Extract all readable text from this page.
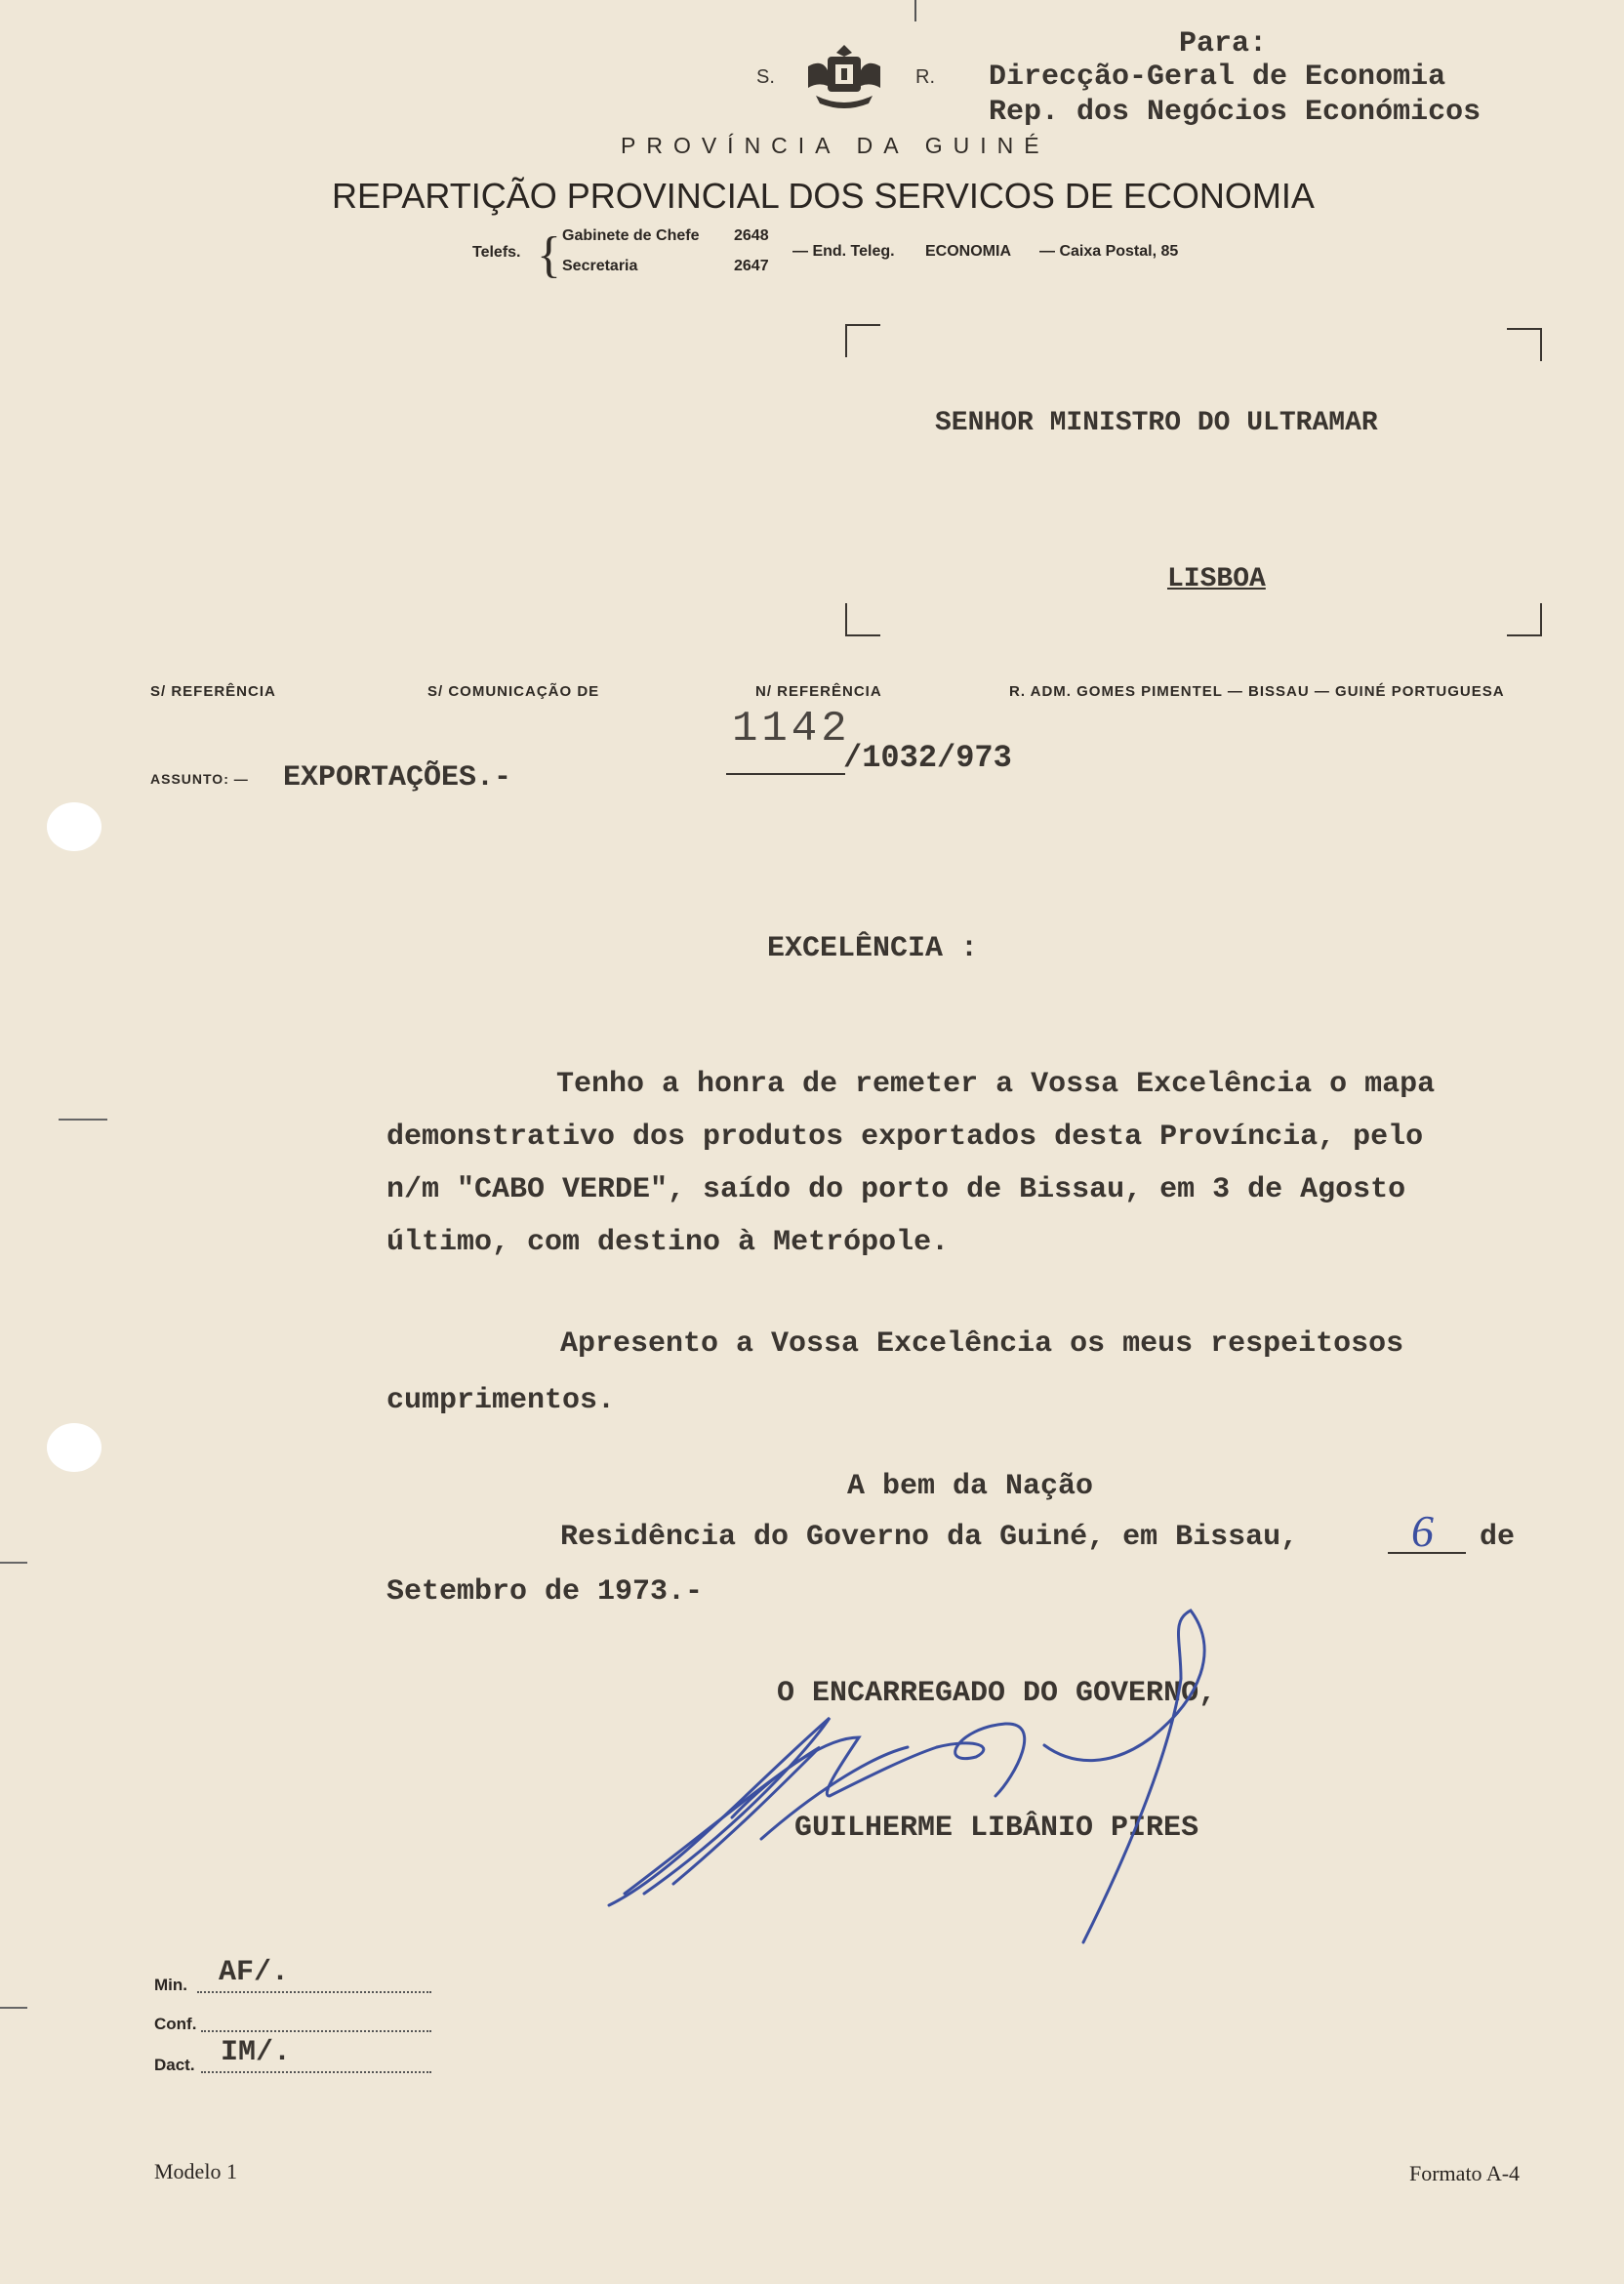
Para:
Direcção-Geral de Economia
Rep. dos Negócios Económicos
S.	R.
PROVÍNCIA DA GUINÉ
REPARTIÇÃO PROVINCIAL DOS SERVICOS DE ECONOMIA
Telefs. { Gabinete de Chefe 2648
Secretaria	2647
— End. Teleg. ECONOMIA — Caixa Postal, 85
SENHOR MINISTRO DO ULTRAMAR
LISBOA
S/ REFERÊNCIA	S/ COMUNICAÇÃO DE	N/ REFERÊNCIA	R. ADM. GOMES PIMENTEL — BISSAU — GUINÉ PORTUGUESA
1142
/1032/973
ASSUNTO: — EXPORTAÇÕES.-
EXCELÊNCIA :
Tenho a honra de remeter a Vossa Excelência o mapa
demonstrativo dos produtos exportados desta Província, pelo
n/m "CABO VERDE", saído do porto de Bissau, em 3 de Agosto
último, com destino à Metrópole.
Apresento a Vossa Excelência os meus respeitosos
cumprimentos.
A bem da Nação
Residência do Governo da Guiné, em Bissau,	6 de
Setembro de 1973.-
O ENCARREGADO DO GOVERNO,
GUILHERME LIBÂNIO PIRES
Min. AF/.
Conf.
Dact. IM/.
Modelo 1	Formato A-4
